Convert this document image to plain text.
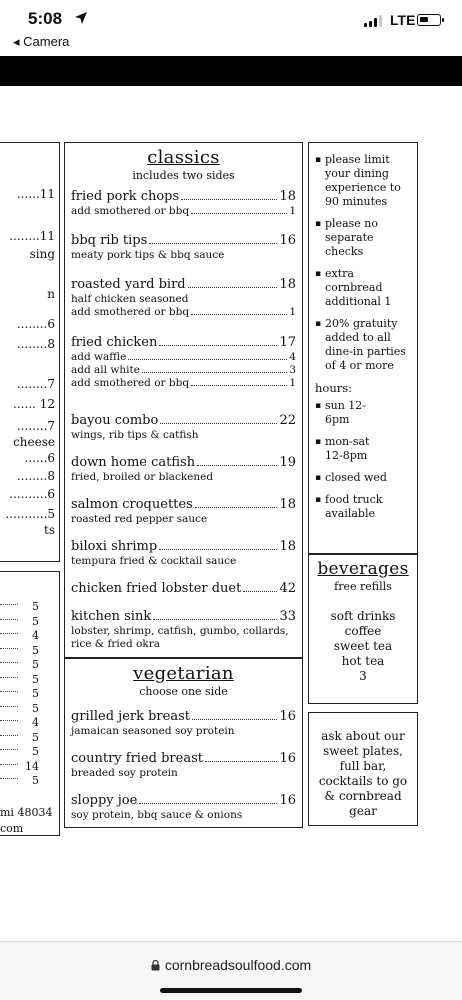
5:08
◂ Camera
LTE
......11
........11
sing
n
........6
........8
........7
...... 12
........7
cheese
......6
........8
..........6
...........5
ts
5
5
4
5
5
5
5
5
4
5
5
14
5
mi 48034
com
classics
includes two sides
fried pork chops	18
add smothered or bbq	1
bbq rib tips	16
meaty pork tips & bbq sauce
roasted yard bird	18
half chicken seasoned
add smothered or bbq	1
fried chicken	17
add waffle	4
add all white	3
add smothered or bbq	1
bayou combo	22
wings, rib tips & catfish
down home catfish	19
fried, broiled or blackened
salmon croquettes	18
roasted red pepper sauce
biloxi shrimp	18
tempura fried & cocktail sauce
chicken fried lobster duet	42
kitchen sink	33
lobster, shrimp, catfish, gumbo, collards,
rice & fried okra
vegetarian
choose one side
grilled jerk breast	16
jamaican seasoned soy protein
country fried breast	16
breaded soy protein
sloppy joe	16
soy protein, bbq sauce & onions
▪ please limit your dining experience to 90 minutes
▪ please no separate checks
▪ extra cornbread additional 1
▪ 20% gratuity added to all dine-in parties of 4 or more
hours:
▪ sun 12-6pm
▪ mon-sat 12-8pm
▪ closed wed
▪ food truck available
beverages
free refills
soft drinks
coffee
sweet tea
hot tea
3
ask about our sweet plates, full bar, cocktails to go & cornbread gear
cornbreadsoulfood.com
